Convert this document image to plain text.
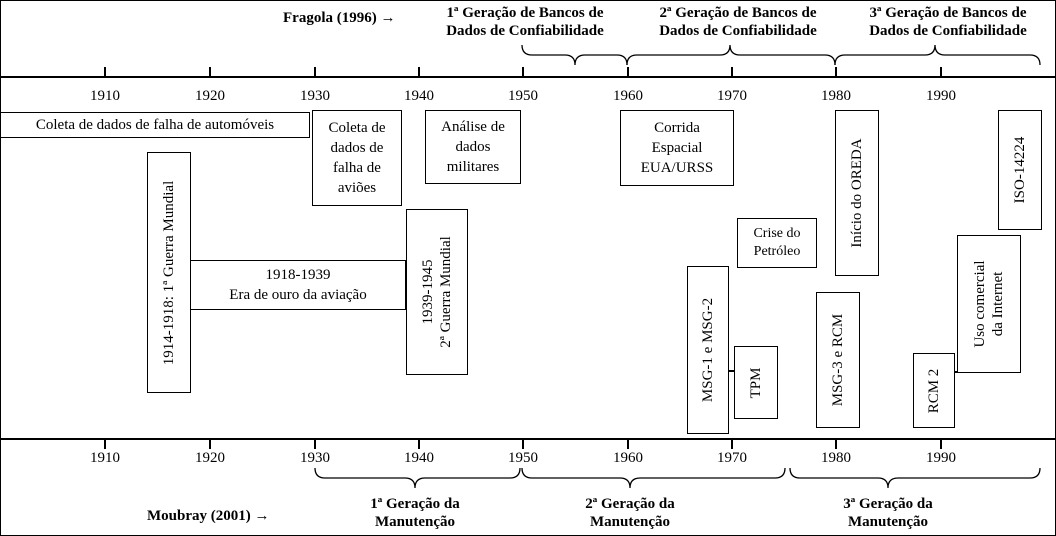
Fragola (1996) →	1ª Geração de Bancos de
Dados de Confiabilidade
2ª Geração de Bancos de
Dados de Confiabilidade
3ª Geração de Bancos de
Dados de Confiabilidade
1910	1920	1930	1940	1950	1960	1970	1980	1990
1910	1920	1930	1940	1950	1960	1970	1980	1990
Moubray (2001) →
1ª Geração da
Manutenção
2ª Geração da
Manutenção
3ª Geração da
Manutenção
Coleta de dados de falha de automóveis	Coleta de
dados de
falha de
aviões
Análise de
dados
militares
Corrida
Espacial
EUA/URSS
Crise do
Petróleo
1914-1918: 1ª Guerra Mundial	1918-1939
Era de ouro da aviação	1939-1945 2ª Guerra Mundial
MSG-1 e MSG-2 TPM	MSG-3 e RCM
Início do OREDA
Uso comercial da Internet
ISO-14224
RCM 2
